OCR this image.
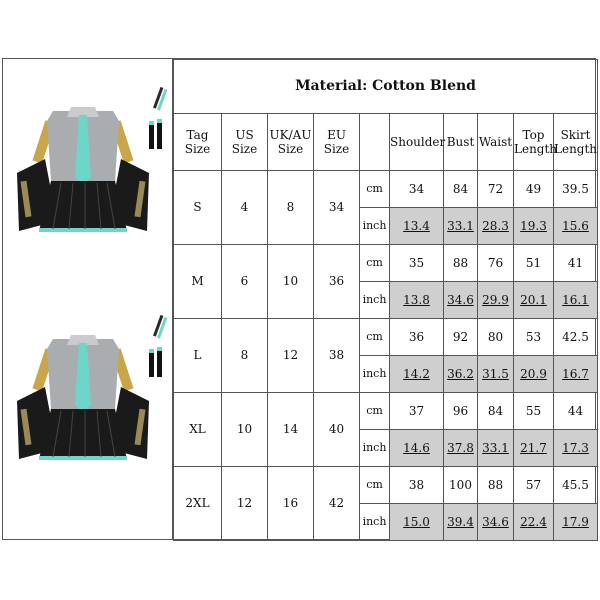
Material: Cotton Blend									
Tag Size	US Size	UK/AU Size	EU Size		Shoulder	Bust	Waist	Top Length	Skirt Length
S	4	8	34	cm	34	84	72	49	39.5
				inch	13.4	33.1	28.3	19.3	15.6
M	6	10	36	cm	35	88	76	51	41
				inch	13.8	34.6	29.9	20.1	16.1
L	8	12	38	cm	36	92	80	53	42.5
				inch	14.2	36.2	31.5	20.9	16.7
XL	10	14	40	cm	37	96	84	55	44
				inch	14.6	37.8	33.1	21.7	17.3
2XL	12	16	42	cm	38	100	88	57	45.5
				inch	15.0	39.4	34.6	22.4	17.9
